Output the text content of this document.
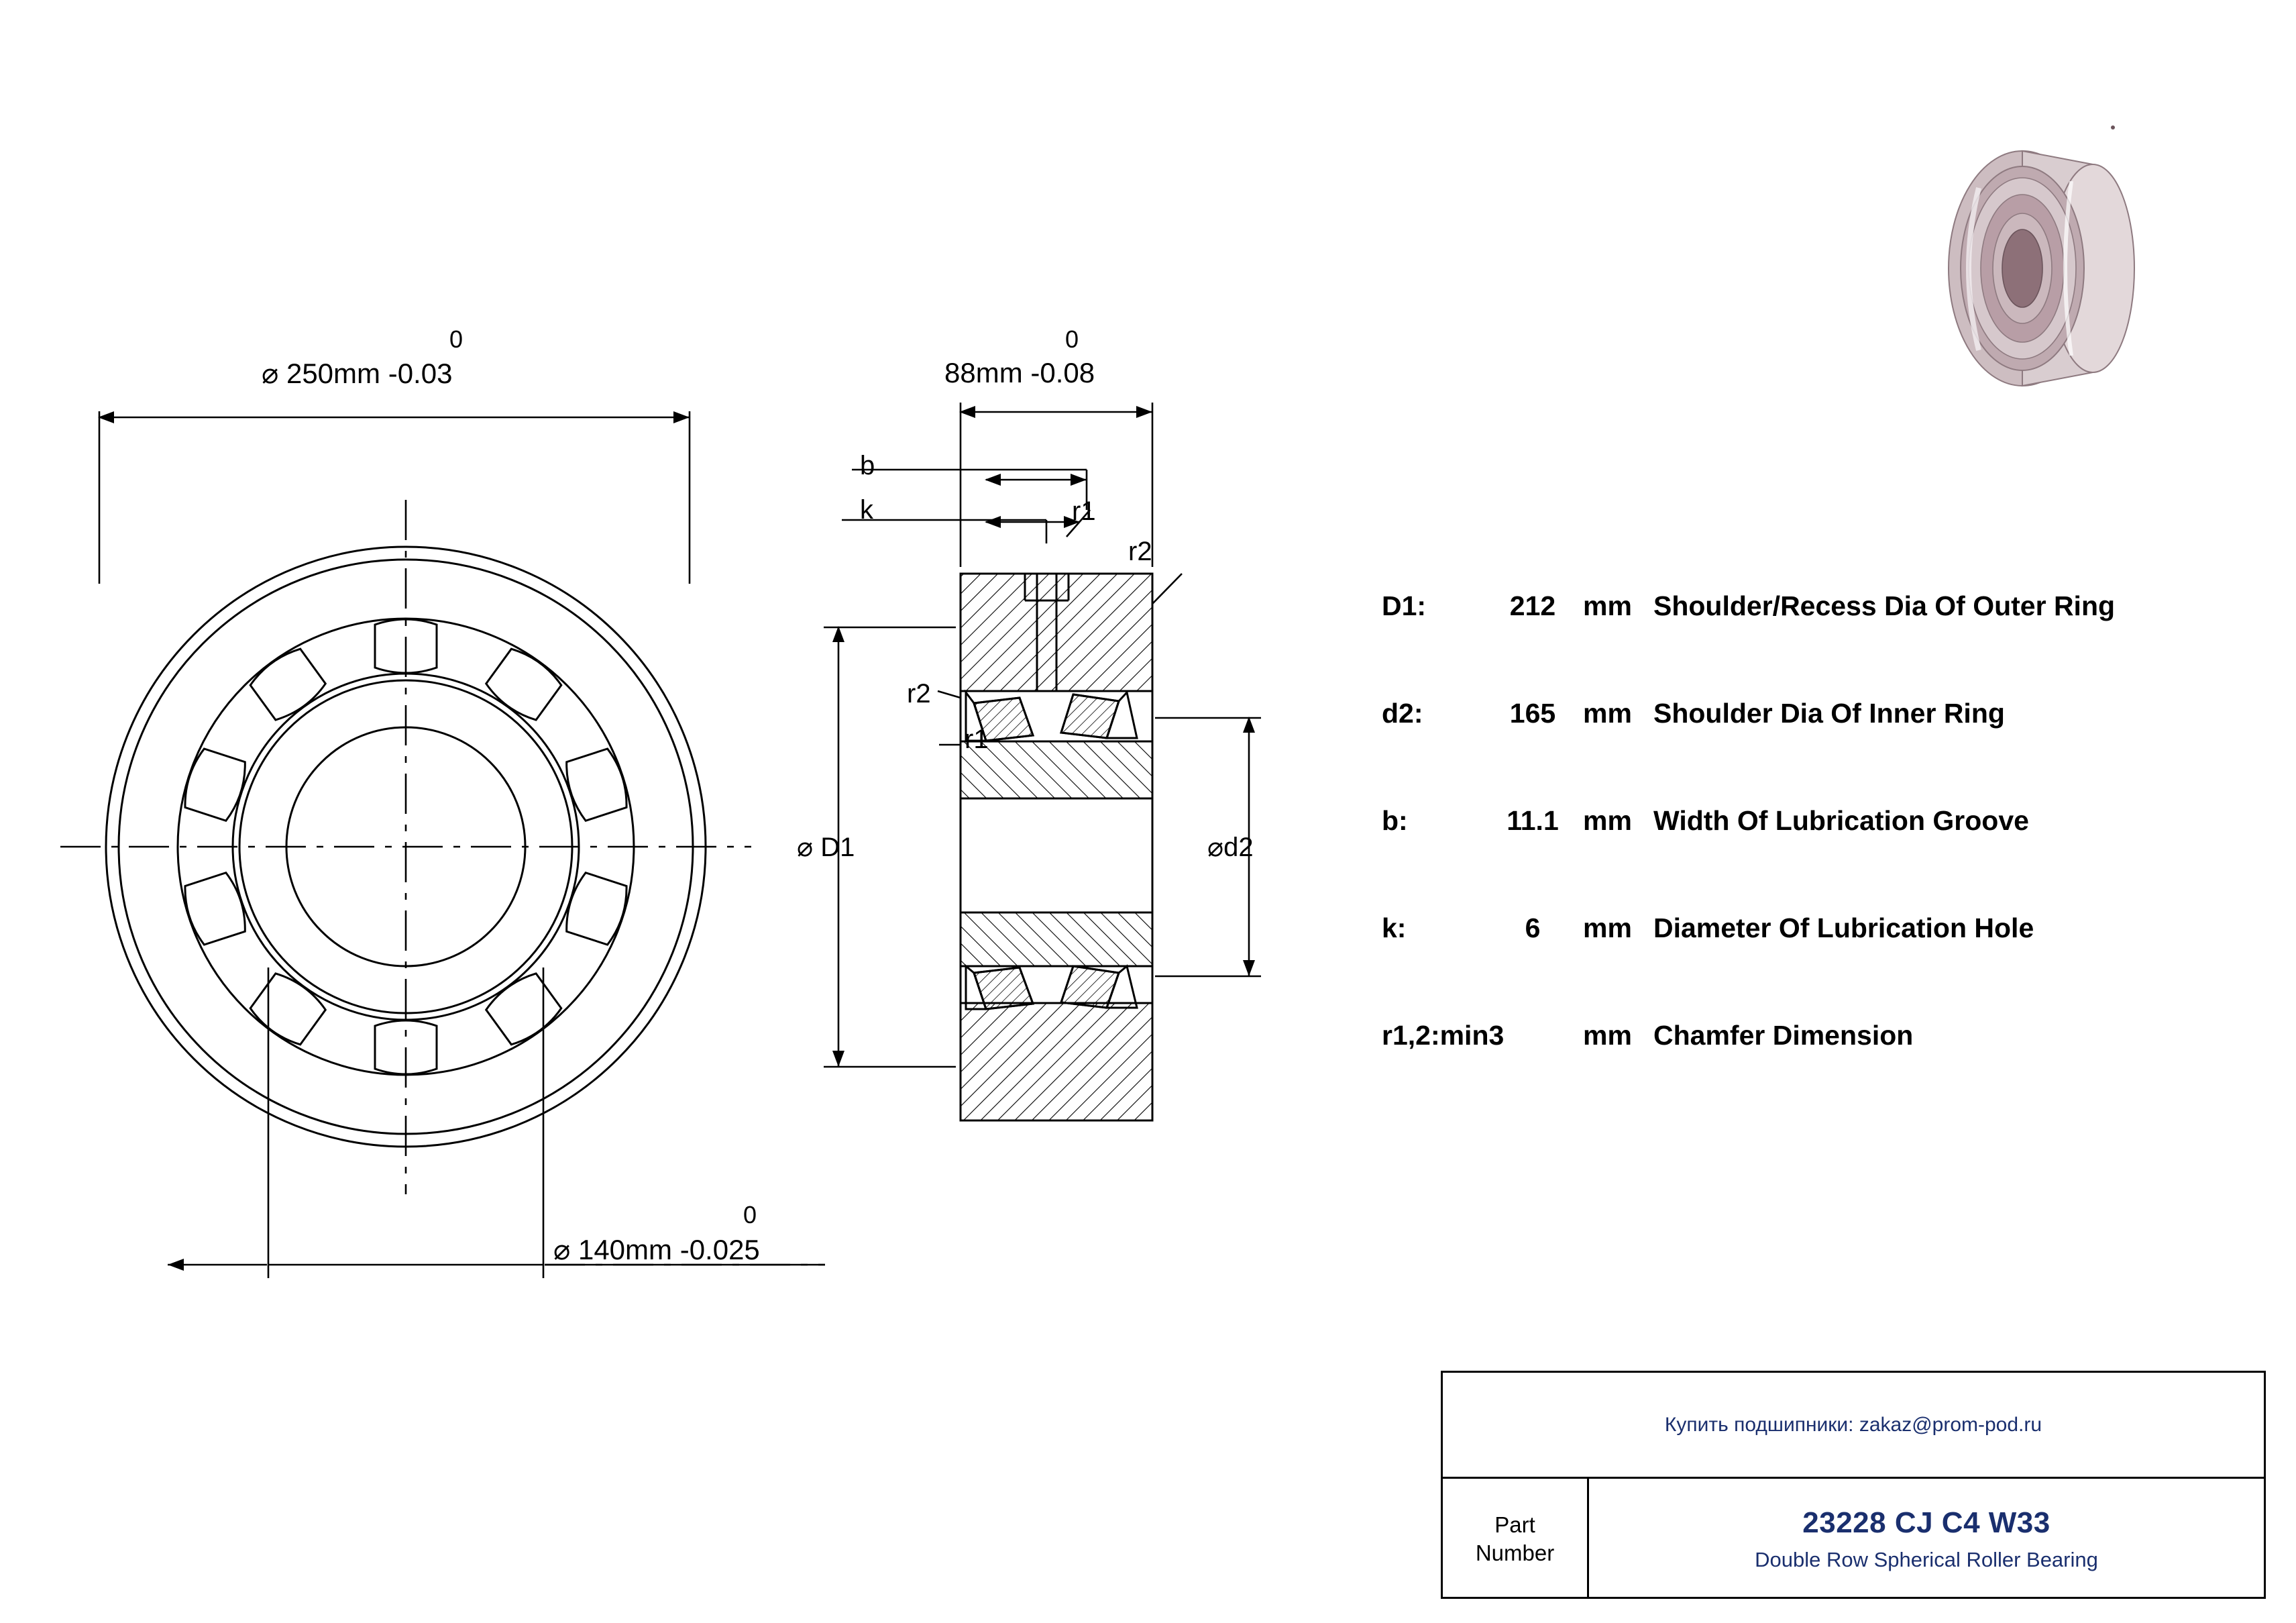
⌀ 250mm -0.03
0
⌀ 140mm -0.025
0
88mm -0.08
0
b
k	r1
r2
r2
r1
⌀ D1	⌀d2
D1:	212 mm Shoulder/Recess Dia Of Outer Ring
d2:	165 mm Shoulder Dia Of Inner Ring
b:	11.1 mm Width Of Lubrication Groove
k:	6	mm Diameter Of Lubrication Hole
r1,2:min3	mm Chamfer Dimension
Купить подшипники: zakaz@prom-pod.ru
Part
Number
23228 CJ C4 W33
Double Row Spherical Roller Bearing
